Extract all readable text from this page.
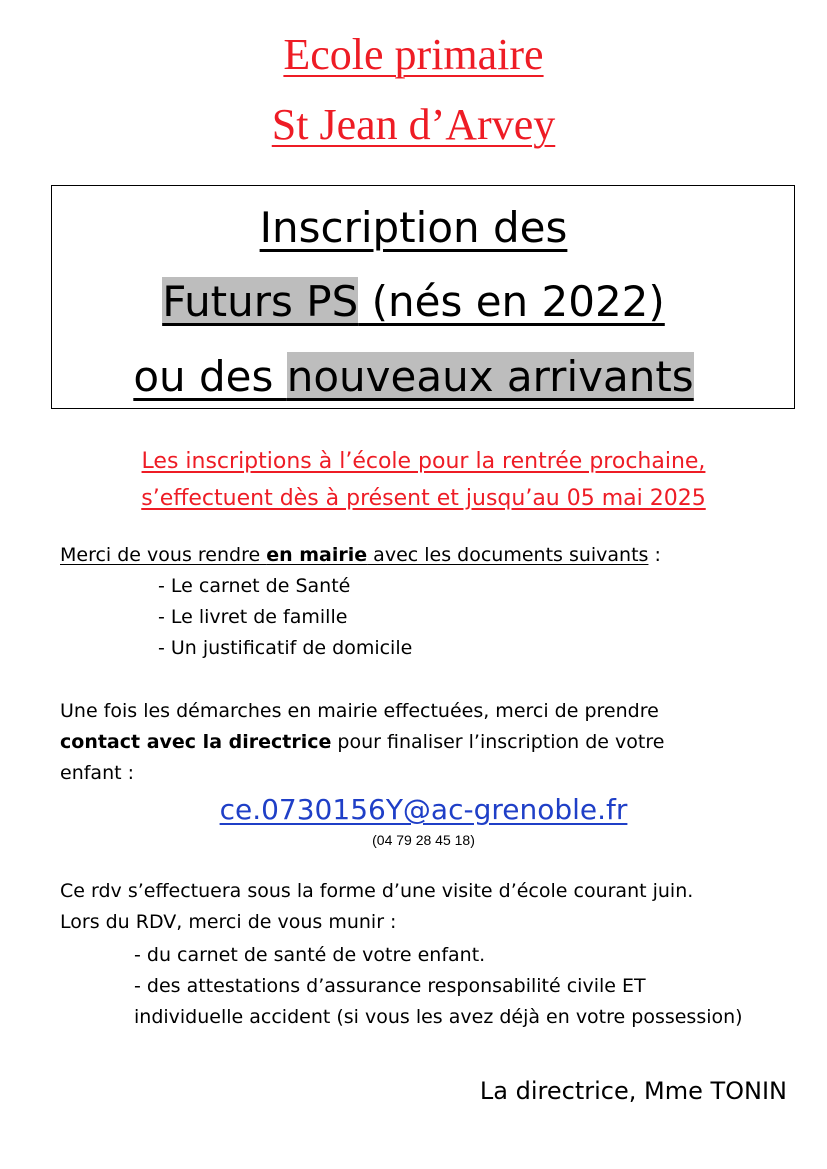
Ecole primaire
St Jean d’Arvey
Inscription des
Futurs PS (nés en 2022)
ou des nouveaux arrivants
Les inscriptions à l’école pour la rentrée prochaine,
s’effectuent dès à présent et jusqu’au 05 mai 2025
Merci de vous rendre en mairie avec les documents suivants :
- Le carnet de Santé
- Le livret de famille
- Un justificatif de domicile
Une fois les démarches en mairie effectuées, merci de prendre
contact avec la directrice pour finaliser l’inscription de votre
enfant :
ce.0730156Y@ac-grenoble.fr
(04 79 28 45 18)
Ce rdv s’effectuera sous la forme d’une visite d’école courant juin.
Lors du RDV, merci de vous munir :
- du carnet de santé de votre enfant.
- des attestations d’assurance responsabilité civile ET
individuelle accident (si vous les avez déjà en votre possession)
La directrice, Mme TONIN
